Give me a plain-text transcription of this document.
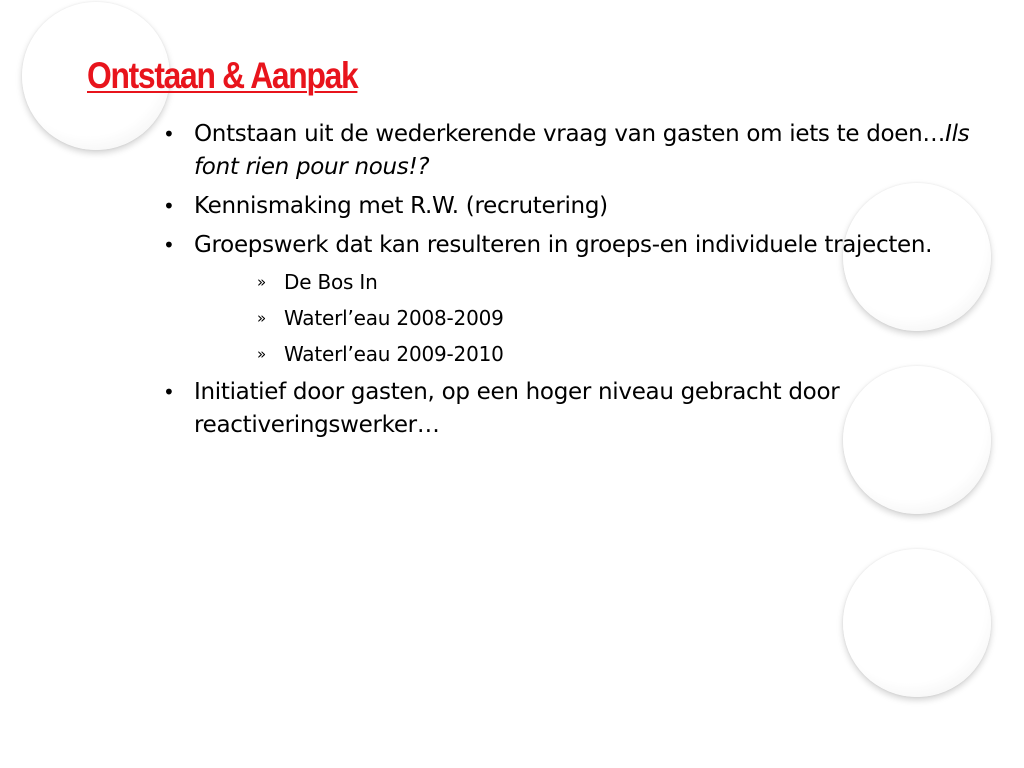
Ontstaan & Aanpak
• Ontstaan uit de wederkerende vraag van gasten om iets te doen…Ils font rien pour nous!?
• Kennismaking met R.W. (recrutering)
• Groepswerk dat kan resulteren in groeps-en individuele trajecten.
» De Bos In
» Waterl’eau 2008-2009
» Waterl’eau 2009-2010
• Initiatief door gasten, op een hoger niveau gebracht door reactiveringswerker…
